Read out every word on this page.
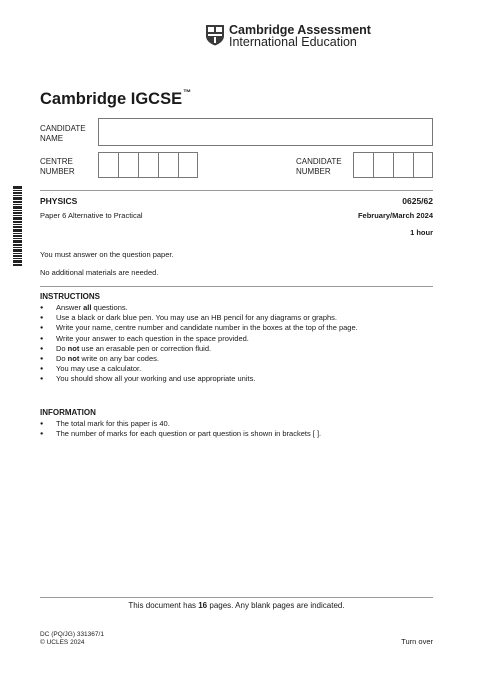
Cambridge Assessment
International Education
Cambridge IGCSE™
CANDIDATE
NAME
CENTRE
NUMBER
CANDIDATE
NUMBER
PHYSICS	0625/62
Paper 6 Alternative to Practical	February/March 2024
1 hour
You must answer on the question paper.
No additional materials are needed.
INSTRUCTIONS
● Answer all questions.
● Use a black or dark blue pen. You may use an HB pencil for any diagrams or graphs.
● Write your name, centre number and candidate number in the boxes at the top of the page.
● Write your answer to each question in the space provided.
● Do not use an erasable pen or correction fluid.
● Do not write on any bar codes.
● You may use a calculator.
● You should show all your working and use appropriate units.
INFORMATION
● The total mark for this paper is 40.
● The number of marks for each question or part question is shown in brackets [ ].
This document has 16 pages. Any blank pages are indicated.
DC (PQ/JG) 331367/1
© UCLES 2024	Turn over
